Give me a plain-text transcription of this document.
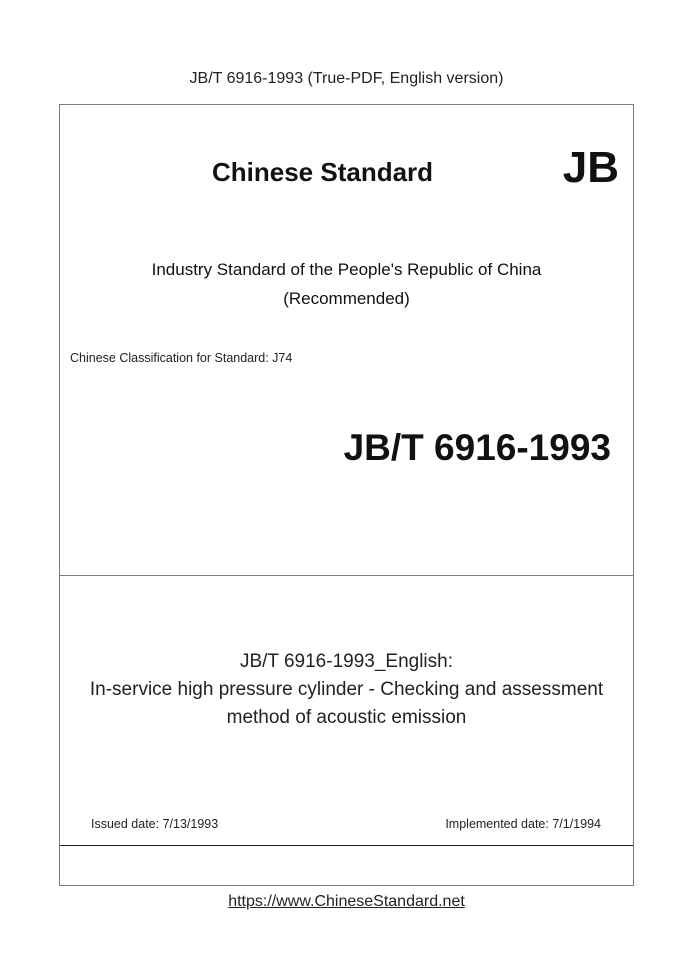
JB/T 6916-1993 (True-PDF, English version)
Chinese Standard	JB
Industry Standard of the People's Republic of China
(Recommended)
Chinese Classification for Standard: J74
JB/T 6916-1993
JB/T 6916-1993_English:
In-service high pressure cylinder - Checking and assessment
method of acoustic emission
Issued date: 7/13/1993	Implemented date: 7/1/1994
https://www.ChineseStandard.net
